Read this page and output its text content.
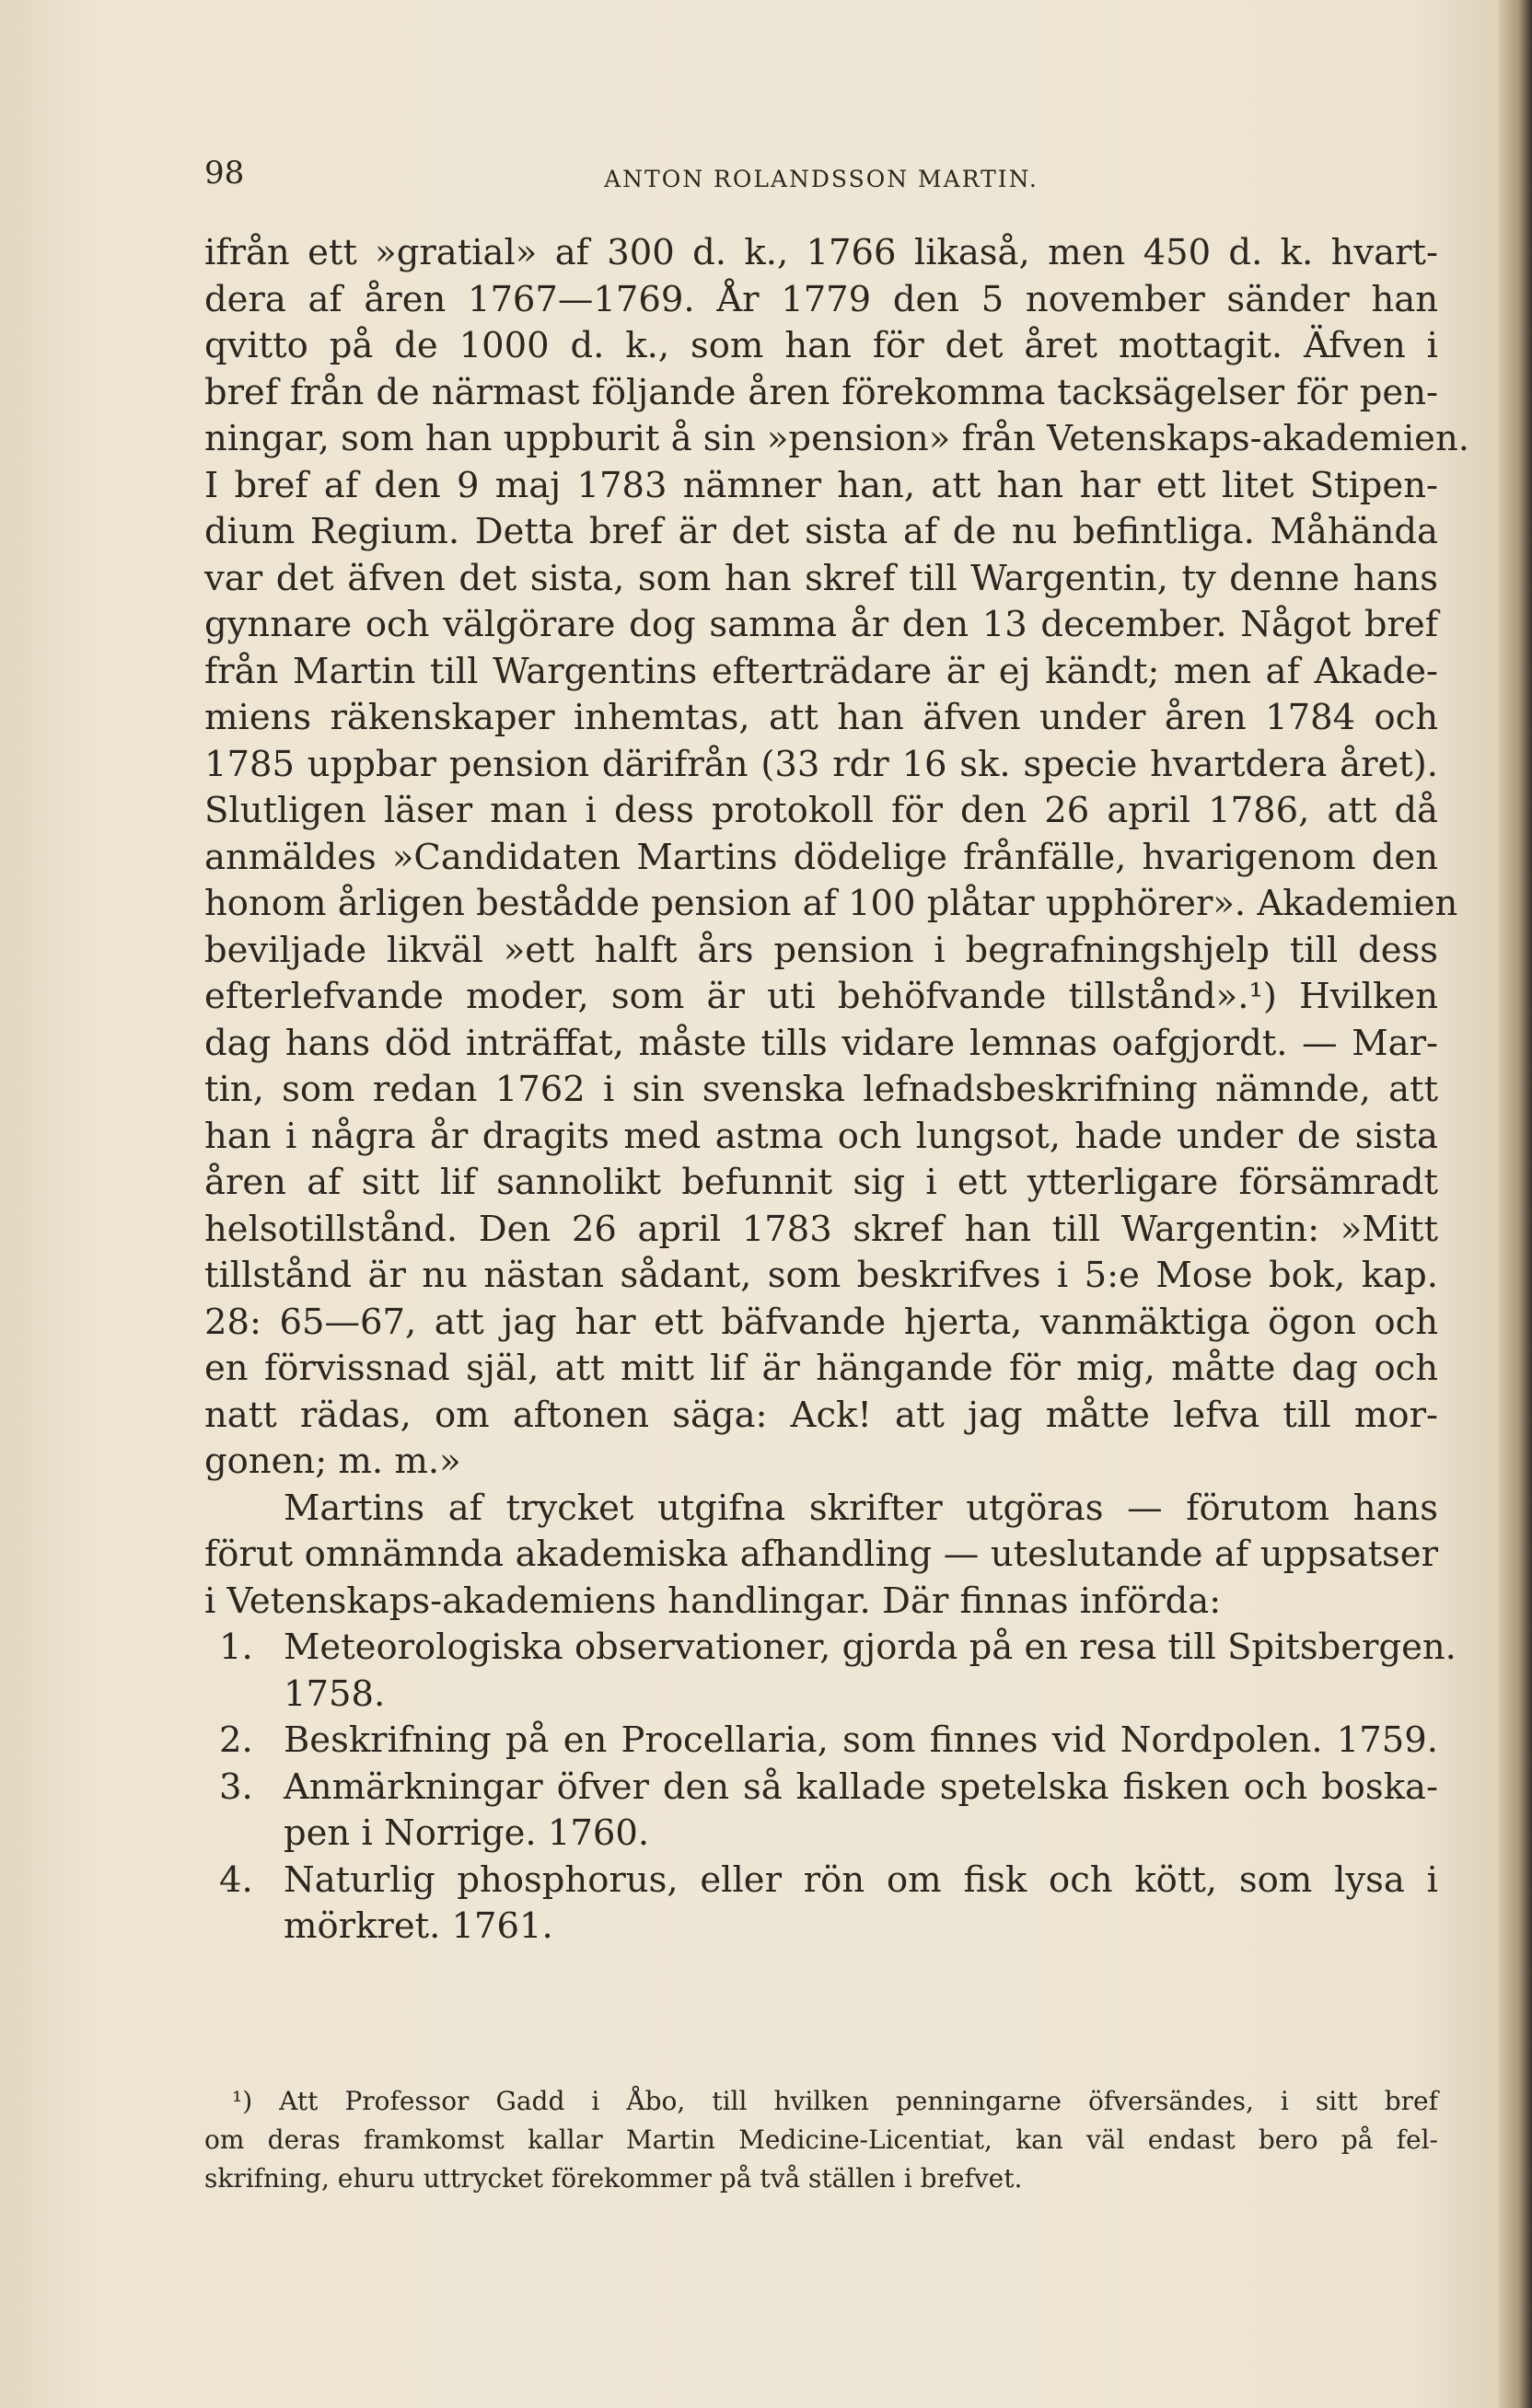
98	ANTON ROLANDSSON MARTIN.

ifrån ett »gratial» af 300 d. k., 1766 likaså, men 450 d. k. hvart-
dera af åren 1767—1769. År 1779 den 5 november sänder han
qvitto på de 1000 d. k., som han för det året mottagit. Äfven i
bref från de närmast följande åren förekomma tacksägelser för pen-
ningar, som han uppburit å sin »pension» från Vetenskaps-akademien.
I bref af den 9 maj 1783 nämner han, att han har ett litet Stipen-
dium Regium. Detta bref är det sista af de nu befintliga. Måhända
var det äfven det sista, som han skref till Wargentin, ty denne hans
gynnare och välgörare dog samma år den 13 december. Något bref
från Martin till Wargentins efterträdare är ej kändt; men af Akade-
miens räkenskaper inhemtas, att han äfven under åren 1784 och
1785 uppbar pension därifrån (33 rdr 16 sk. specie hvartdera året).
Slutligen läser man i dess protokoll för den 26 april 1786, att då
anmäldes »Candidaten Martins dödelige frånfälle, hvarigenom den
honom årligen bestådde pension af 100 plåtar upphörer». Akademien
beviljade likväl »ett halft års pension i begrafningshjelp till dess
efterlefvande moder, som är uti behöfvande tillstånd».¹) Hvilken
dag hans död inträffat, måste tills vidare lemnas oafgjordt. — Mar-
tin, som redan 1762 i sin svenska lefnadsbeskrifning nämnde, att
han i några år dragits med astma och lungsot, hade under de sista
åren af sitt lif sannolikt befunnit sig i ett ytterligare försämradt
helsotillstånd. Den 26 april 1783 skref han till Wargentin: »Mitt
tillstånd är nu nästan sådant, som beskrifves i 5:e Mose bok, kap.
28: 65—67, att jag har ett bäfvande hjerta, vanmäktiga ögon och
en förvissnad själ, att mitt lif är hängande för mig, måtte dag och
natt rädas, om aftonen säga: Ack! att jag måtte lefva till mor-
gonen; m. m.»

Martins af trycket utgifna skrifter utgöras — förutom hans
förut omnämnda akademiska afhandling — uteslutande af uppsatser
i Vetenskaps-akademiens handlingar. Där finnas införda:

1. Meteorologiska observationer, gjorda på en resa till Spitsbergen.
1758.
2. Beskrifning på en Procellaria, som finnes vid Nordpolen. 1759.
3. Anmärkningar öfver den så kallade spetelska fisken och boska-
pen i Norrige. 1760.
4. Naturlig phosphorus, eller rön om fisk och kött, som lysa i
mörkret. 1761.
¹) Att Professor Gadd i Åbo, till hvilken penningarne öfversändes, i sitt bref
om deras framkomst kallar Martin Medicine-Licentiat, kan väl endast bero på fel-
skrifning, ehuru uttrycket förekommer på två ställen i brefvet.
